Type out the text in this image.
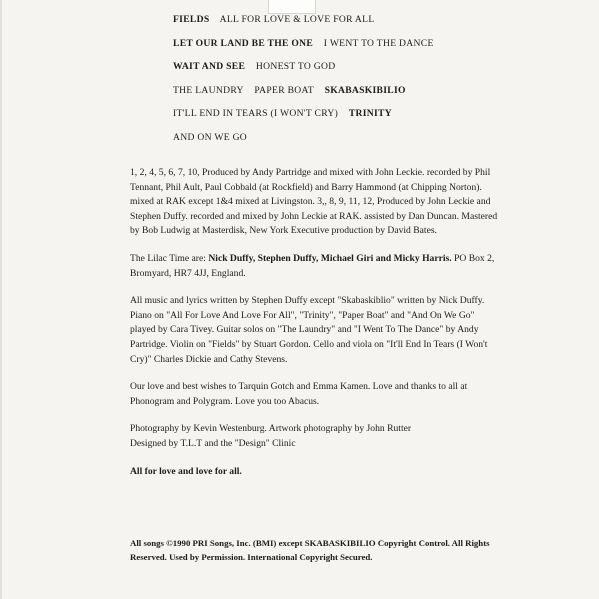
FIELDS ALL FOR LOVE & LOVE FOR ALL
LET OUR LAND BE THE ONE I WENT TO THE DANCE
WAIT AND SEE HONEST TO GOD
THE LAUNDRY PAPER BOAT SKABASKIBILIO
IT'LL END IN TEARS (I WON'T CRY) TRINITY
AND ON WE GO

1, 2, 4, 5, 6, 7, 10, Produced by Andy Partridge and mixed with John Leckie. recorded by Phil Tennant, Phil Ault, Paul Cobbald (at Rockfield) and Barry Hammond (at Chipping Norton). mixed at RAK except 1&4 mixed at Livingston. 3,, 8, 9, 11, 12, Produced by John Leckie and Stephen Duffy. recorded and mixed by John Leckie at RAK. assisted by Dan Duncan. Mastered by Bob Ludwig at Masterdisk, New York Executive production by David Bates.

The Lilac Time are: Nick Duffy, Stephen Duffy, Michael Giri and Micky Harris. PO Box 2, Bromyard, HR7 4JJ, England.

All music and lyrics written by Stephen Duffy except "Skabaskiblio" written by Nick Duffy. Piano on "All For Love And Love For All", "Trinity", "Paper Boat" and "And On We Go" played by Cara Tivey. Guitar solos on "The Laundry" and "I Went To The Dance" by Andy Partridge. Violin on "Fields" by Stuart Gordon. Cello and viola on "It'll End In Tears (I Won't Cry)" Charles Dickie and Cathy Stevens.

Our love and best wishes to Tarquin Gotch and Emma Kamen. Love and thanks to all at Phonogram and Polygram. Love you too Abacus.

Photography by Kevin Westenburg. Artwork photography by John Rutter

Designed by T.L.T and the "Design" Clinic

All for love and love for all.

All songs ©1990 PRI Songs, Inc. (BMI) except SKABASKIBILIO Copyright Control. All Rights Reserved. Used by Permission. International Copyright Secured.
